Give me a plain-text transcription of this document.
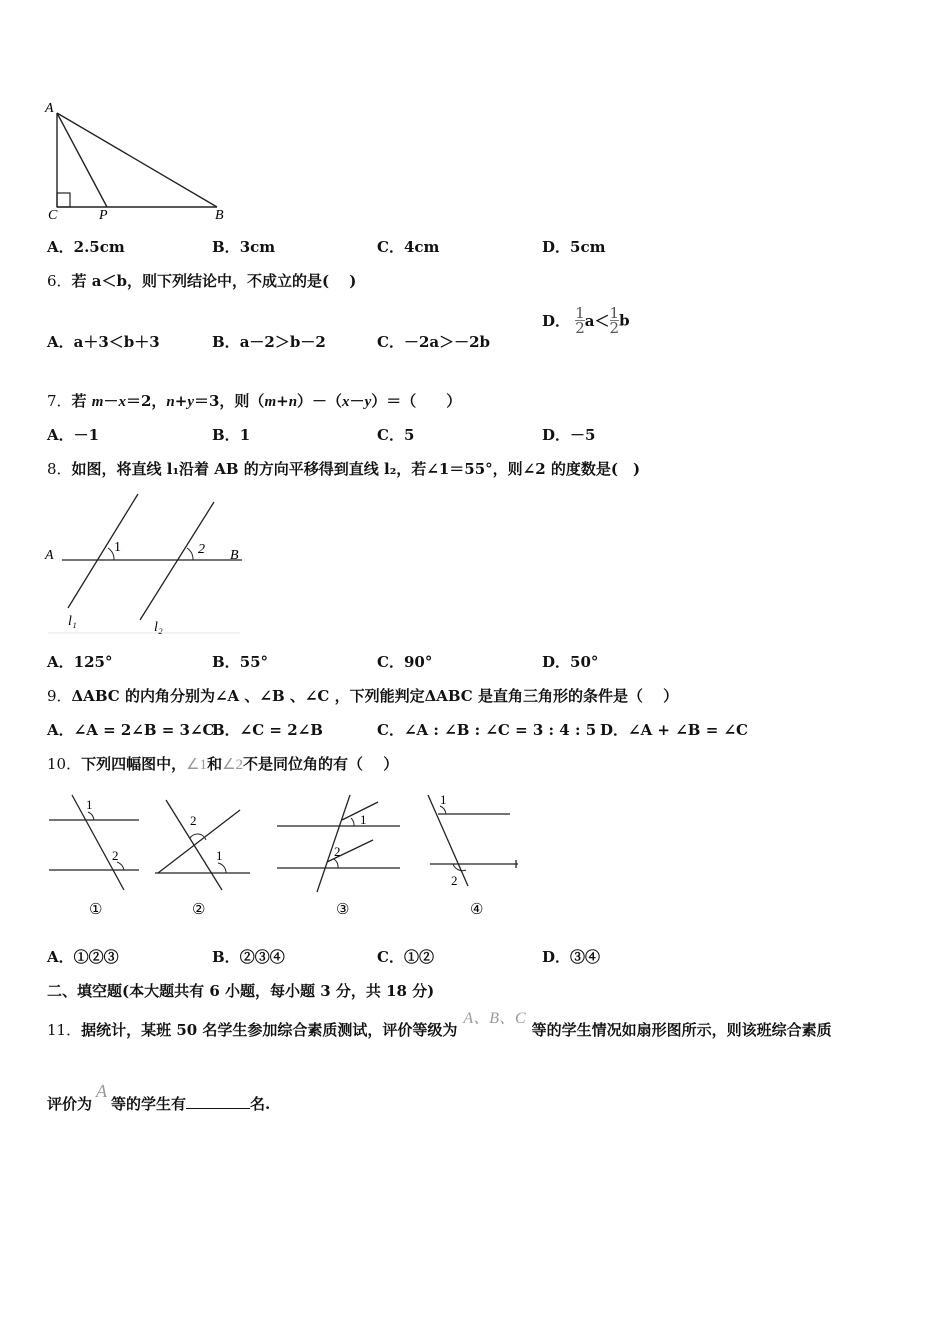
A
C	P	B
A．2.5cm	B．3cm	C．4cm	D．5cm
6．若 a＜b，则下列结论中，不成立的是(　 )
A．a＋3＜b＋3	B．a－2＞b－2	C．－2a＞－2b
D． $\frac{1}{2}a<\frac{1}{2}b$
7．若 m－x＝2，n+y＝3，则（m+n）－（x－y）＝（　　）
A．－1	B．1	C．5	D．－5
8．如图，将直线 l₁沿着 AB 的方向平移得到直线 l₂，若∠1＝55°，则∠2 的度数是(　)
A	B
1	2
l₁	l₂
A．125°	B．55°	C．90°	D．50°
9．ΔABC 的内角分别为∠A 、∠B 、∠C ，下列能判定ΔABC 是直角三角形的条件是（　 ）
A．∠A = 2∠B = 3∠C
B．∠C = 2∠B	C．∠A : ∠B : ∠C = 3 : 4 : 5 D．∠A + ∠B = ∠C
10．下列四幅图中，∠1和∠2不是同位角的有（　 ）
1
2
①
2
1
②
1
2
③
1
2
④
A．①②③	B．②③④	C．①②	D．③④
二、填空题(本大题共有 6 小题，每小题 3 分，共 18 分)
11．据统计，某班 50 名学生参加综合素质测试，评价等级为A、B、C等的学生情况如扇形图所示，则该班综合素质
评价为A等的学生有	名.
